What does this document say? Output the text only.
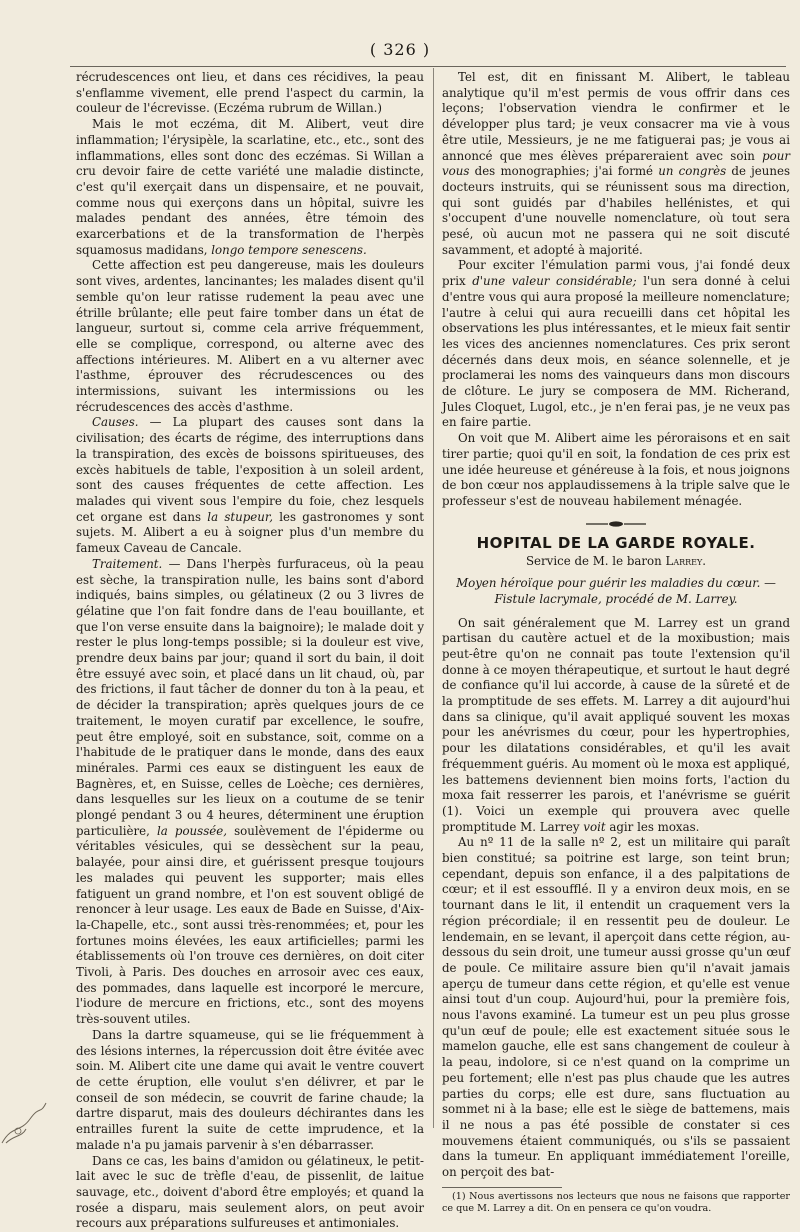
( 326 )

récrudescences ont lieu, et dans ces récidives, la peau s'enflamme vivement, elle prend l'aspect du carmin, la couleur de l'écrevisse. (Eczéma rubrum de Willan.)

Mais le mot eczéma, dit M. Alibert, veut dire inflammation; l'érysipèle, la scarlatine, etc., etc., sont des inflammations, elles sont donc des eczémas. Si Willan a cru devoir faire de cette variété une maladie distincte, c'est qu'il exerçait dans un dispensaire, et ne pouvait, comme nous qui exerçons dans un hôpital, suivre les malades pendant des années, être témoin des exarcerbations et de la transformation de l'herpès squamosus madidans, longo tempore senescens.

Cette affection est peu dangereuse, mais les douleurs sont vives, ardentes, lancinantes; les malades disent qu'il semble qu'on leur ratisse rudement la peau avec une étrille brûlante; elle peut faire tomber dans un état de langueur, surtout si, comme cela arrive fréquemment, elle se complique, correspond, ou alterne avec des affections intérieures. M. Alibert en a vu alterner avec l'asthme, éprouver des récrudescences ou des intermissions, suivant les intermissions ou les récrudescences des accès d'asthme.

Causes. — La plupart des causes sont dans la civilisation; des écarts de régime, des interruptions dans la transpiration, des excès de boissons spiritueuses, des excès habituels de table, l'exposition à un soleil ardent, sont des causes fréquentes de cette affection. Les malades qui vivent sous l'empire du foie, chez lesquels cet organe est dans la stupeur, les gastronomes y sont sujets. M. Alibert a eu à soigner plus d'un membre du fameux Caveau de Cancale.

Traitement. — Dans l'herpès furfuraceus, où la peau est sèche, la transpiration nulle, les bains sont d'abord indiqués, bains simples, ou gélatineux (2 ou 3 livres de gélatine que l'on fait fondre dans de l'eau bouillante, et que l'on verse ensuite dans la baignoire); le malade doit y rester le plus long-temps possible; si la douleur est vive, prendre deux bains par jour; quand il sort du bain, il doit être essuyé avec soin, et placé dans un lit chaud, où, par des frictions, il faut tâcher de donner du ton à la peau, et de décider la transpiration; après quelques jours de ce traitement, le moyen curatif par excellence, le soufre, peut être employé, soit en substance, soit, comme on a l'habitude de le pratiquer dans le monde, dans des eaux minérales. Parmi ces eaux se distinguent les eaux de Bagnères, et, en Suisse, celles de Loèche; ces dernières, dans lesquelles sur les lieux on a coutume de se tenir plongé pendant 3 ou 4 heures, déterminent une éruption particulière, la poussée, soulèvement de l'épiderme ou véritables vésicules, qui se dessèchent sur la peau, balayée, pour ainsi dire, et guérissent presque toujours les malades qui peuvent les supporter; mais elles fatiguent un grand nombre, et l'on est souvent obligé de renoncer à leur usage. Les eaux de Bade en Suisse, d'Aix-la-Chapelle, etc., sont aussi très-renommées; et, pour les fortunes moins élevées, les eaux artificielles; parmi les établissements où l'on trouve ces dernières, on doit citer Tivoli, à Paris. Des douches en arrosoir avec ces eaux, des pommades, dans laquelle est incorporé le mercure, l'iodure de mercure en frictions, etc., sont des moyens très-souvent utiles.

Dans la dartre squameuse, qui se lie fréquemment à des lésions internes, la répercussion doit être évitée avec soin. M. Alibert cite une dame qui avait le ventre couvert de cette éruption, elle voulut s'en délivrer, et par le conseil de son médecin, se couvrit de farine chaude; la dartre disparut, mais des douleurs déchirantes dans les entrailles furent la suite de cette imprudence, et la malade n'a pu jamais parvenir à s'en débarrasser.

Dans ce cas, les bains d'amidon ou gélatineux, le petit-lait avec le suc de trèfle d'eau, de pissenlit, de laitue sauvage, etc., doivent d'abord être employés; et quand la rosée a disparu, mais seulement alors, on peut avoir recours aux préparations sulfureuses et antimoniales.

Tel est, dit en finissant M. Alibert, le tableau analytique qu'il m'est permis de vous offrir dans ces leçons; l'observation viendra le confirmer et le développer plus tard; je veux consacrer ma vie à vous être utile, Messieurs, je ne me fatiguerai pas; je vous ai annoncé que mes élèves prépareraient avec soin pour vous des monographies; j'ai formé un congrès de jeunes docteurs instruits, qui se réunissent sous ma direction, qui sont guidés par d'habiles hellénistes, et qui s'occupent d'une nouvelle nomenclature, où tout sera pesé, où aucun mot ne passera qui ne soit discuté savamment, et adopté à majorité.

Pour exciter l'émulation parmi vous, j'ai fondé deux prix d'une valeur considérable; l'un sera donné à celui d'entre vous qui aura proposé la meilleure nomenclature; l'autre à celui qui aura recueilli dans cet hôpital les observations les plus intéressantes, et le mieux fait sentir les vices des anciennes nomenclatures. Ces prix seront décernés dans deux mois, en séance solennelle, et je proclamerai les noms des vainqueurs dans mon discours de clôture. Le jury se composera de MM. Richerand, Jules Cloquet, Lugol, etc., je n'en ferai pas, je ne veux pas en faire partie.

On voit que M. Alibert aime les péroraisons et en sait tirer partie; quoi qu'il en soit, la fondation de ces prix est une idée heureuse et généreuse à la fois, et nous joignons de bon cœur nos applaudissemens à la triple salve que le professeur s'est de nouveau habilement ménagée.

HOPITAL DE LA GARDE ROYALE.
Service de M. le baron Larrey.

Moyen héroïque pour guérir les maladies du cœur. — Fistule lacrymale, procédé de M. Larrey.

On sait généralement que M. Larrey est un grand partisan du cautère actuel et de la moxibustion; mais peut-être qu'on ne connait pas toute l'extension qu'il donne à ce moyen thérapeutique, et surtout le haut degré de confiance qu'il lui accorde, à cause de la sûreté et de la promptitude de ses effets. M. Larrey a dit aujourd'hui dans sa clinique, qu'il avait appliqué souvent les moxas pour les anévrismes du cœur, pour les hypertrophies, pour les dilatations considérables, et qu'il les avait fréquemment guéris. Au moment où le moxa est appliqué, les battemens deviennent bien moins forts, l'action du moxa fait resserrer les parois, et l'anévrisme se guérit (1). Voici un exemple qui prouvera avec quelle promptitude M. Larrey voit agir les moxas.

Au nº 11 de la salle nº 2, est un militaire qui paraît bien constitué; sa poitrine est large, son teint brun; cependant, depuis son enfance, il a des palpitations de cœur; et il est essoufflé. Il y a environ deux mois, en se tournant dans le lit, il entendit un craquement vers la région précordiale; il en ressentit peu de douleur. Le lendemain, en se levant, il aperçoit dans cette région, au-dessous du sein droit, une tumeur aussi grosse qu'un œuf de poule. Ce militaire assure bien qu'il n'avait jamais aperçu de tumeur dans cette région, et qu'elle est venue ainsi tout d'un coup. Aujourd'hui, pour la première fois, nous l'avons examiné. La tumeur est un peu plus grosse qu'un œuf de poule; elle est exactement située sous le mamelon gauche, elle est sans changement de couleur à la peau, indolore, si ce n'est quand on la comprime un peu fortement; elle n'est pas plus chaude que les autres parties du corps; elle est dure, sans fluctuation au sommet ni à la base; elle est le siège de battemens, mais il ne nous a pas été possible de constater si ces mouvemens étaient communiqués, ou s'ils se passaient dans la tumeur. En appliquant immédiatement l'oreille, on perçoit des bat-

(1) Nous avertissons nos lecteurs que nous ne faisons que rapporter ce que M. Larrey a dit. On en pensera ce qu'on voudra.
